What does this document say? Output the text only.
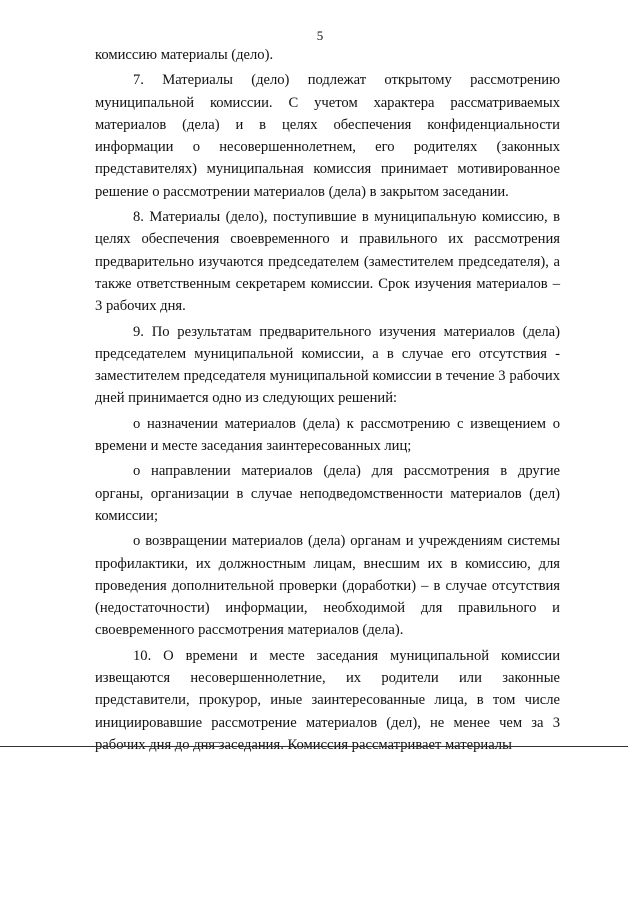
5

комиссию материалы (дело).

7. Материалы (дело) подлежат открытому рассмотрению муниципальной комиссии. С учетом характера рассматриваемых материалов (дела) и в целях обеспечения конфиденциальности информации о несовершеннолетнем, его родителях (законных представителях) муниципальная комиссия принимает мотивированное решение о рассмотрении материалов (дела) в закрытом заседании.

8. Материалы (дело), поступившие в муниципальную комиссию, в целях обеспечения своевременного и правильного их рассмотрения предварительно изучаются председателем (заместителем председателя), а также ответственным секретарем комиссии. Срок изучения материалов – 3 рабочих дня.

9. По результатам предварительного изучения материалов (дела) председателем муниципальной комиссии, а в случае его отсутствия - заместителем председателя муниципальной комиссии в течение 3 рабочих дней принимается одно из следующих решений:

о назначении материалов (дела) к рассмотрению с извещением о времени и месте заседания заинтересованных лиц;

о направлении материалов (дела) для рассмотрения в другие органы, организации в случае неподведомственности материалов (дел) комиссии;

о возвращении материалов (дела) органам и учреждениям системы профилактики, их должностным лицам, внесшим их в комиссию, для проведения дополнительной проверки (доработки) – в случае отсутствия (недостаточности) информации, необходимой для правильного и своевременного рассмотрения материалов (дела).

10. О времени и месте заседания муниципальной комиссии извещаются несовершеннолетние, их родители или законные представители, прокурор, иные заинтересованные лица, в том числе инициировавшие рассмотрение материалов (дел), не менее чем за 3 рабочих дня до дня заседания. Комиссия рассматривает материалы
